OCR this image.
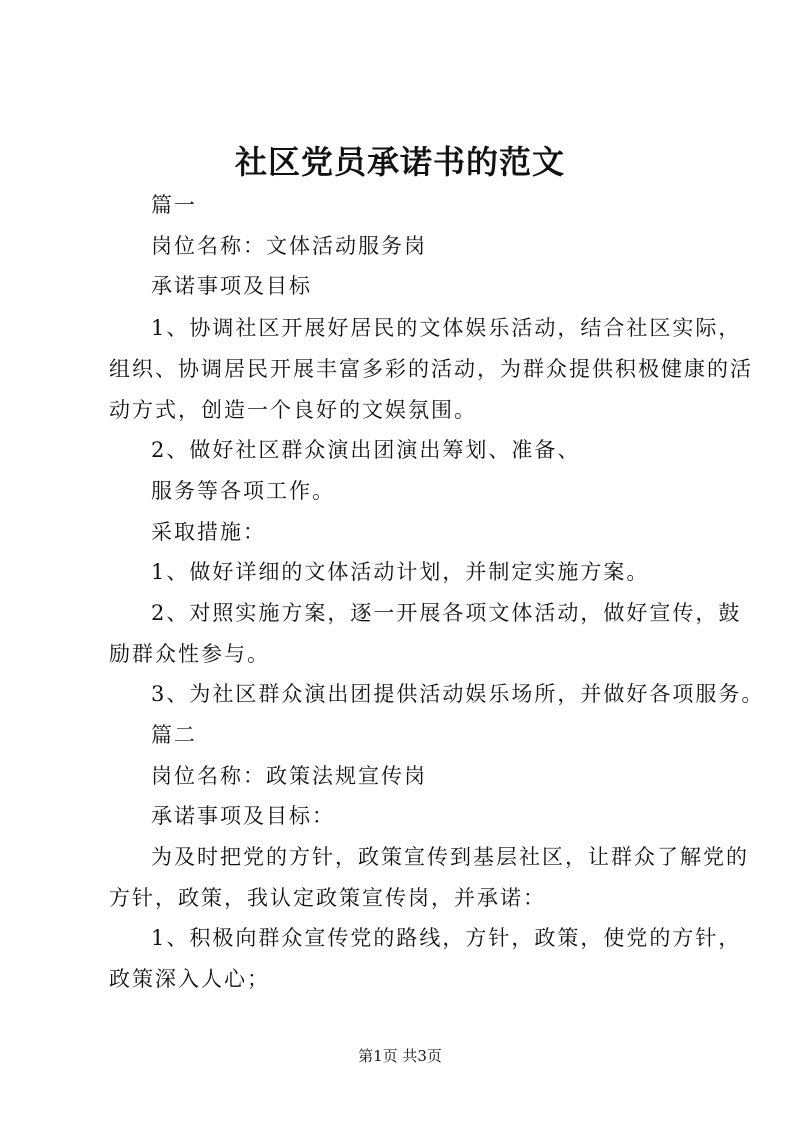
社区党员承诺书的范文
篇一
岗位名称：文体活动服务岗
承诺事项及目标
1、协调社区开展好居民的文体娱乐活动，结合社区实际，
组织、协调居民开展丰富多彩的活动，为群众提供积极健康的活
动方式，创造一个良好的文娱氛围。
2、做好社区群众演出团演出筹划、准备、
服务等各项工作。
采取措施：
1、做好详细的文体活动计划，并制定实施方案。
2、对照实施方案，逐一开展各项文体活动，做好宣传，鼓
励群众性参与。
3、为社区群众演出团提供活动娱乐场所，并做好各项服务。
篇二
岗位名称：政策法规宣传岗
承诺事项及目标：
为及时把党的方针，政策宣传到基层社区，让群众了解党的
方针，政策，我认定政策宣传岗，并承诺：
1、积极向群众宣传党的路线，方针，政策，使党的方针，
政策深入人心；
第1页 共3页
